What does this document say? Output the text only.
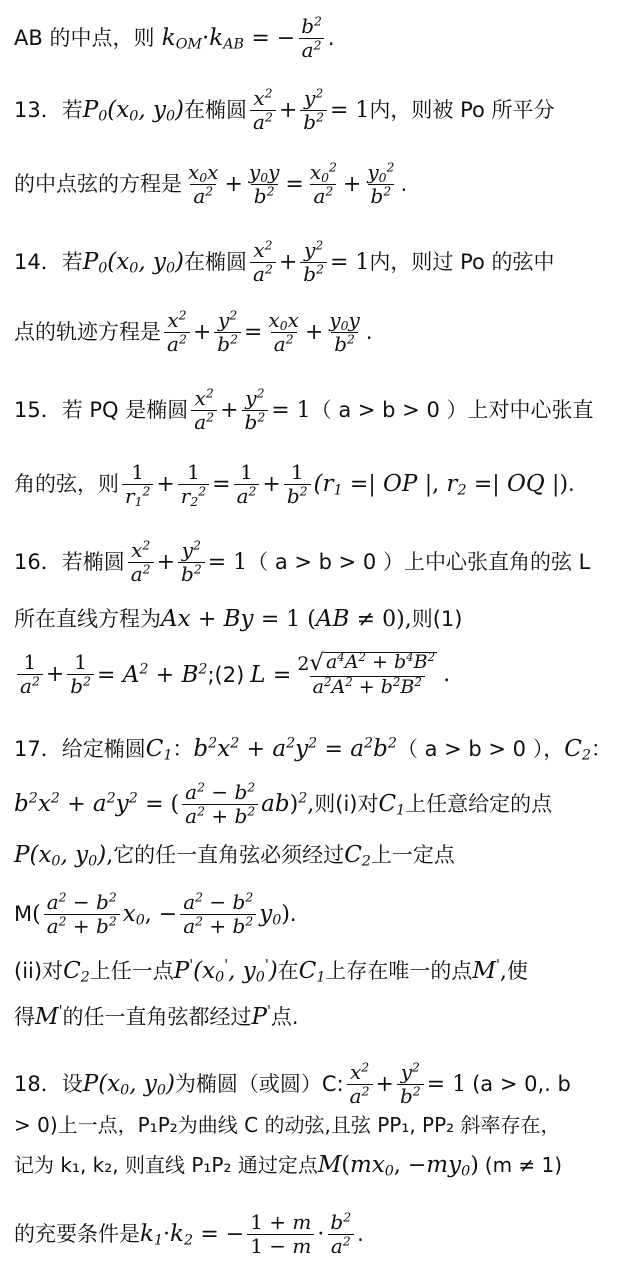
AB 的中点，则 $k_{OM}\cdot k_{AB}$ = − $\frac{b^2}{a^2}$ .
13．若 $P_0(x_0$, $y_0$) 在椭圆 $\frac{x^2}{a^2} + \frac{y^2}{b^2} = 1$ 内，则被 Po 所平分
的中点弦的方程是 $\frac{x_0x}{a^2} + \frac{y_0y}{b^2} = \frac{x_0^2}{a^2} + \frac{y_0^2}{b^2}$ .
14．若 $P_0(x_0$, $y_0$) 在椭圆 $\frac{x^2}{a^2} + \frac{y^2}{b^2} = 1$ 内，则过 Po 的弦中
点的轨迹方程是 $\frac{x^2}{a^2} + \frac{y^2}{b^2} = \frac{x_0x}{a^2} + \frac{y_0y}{b^2}$ .
15．若 PQ 是椭圆 $\frac{x^2}{a^2} + \frac{y^2}{b^2} = 1$ （ a > b > 0 ）上对中心张直
角的弦，则 $\frac{1}{r_1^2} + \frac{1}{r_2^2} = \frac{1}{a^2} + \frac{1}{b^2} (r_1$ =| OP |, $r_2$ =| OQ |) .
16．若椭圆 $\frac{x^2}{a^2} + \frac{y^2}{b^2} = 1$ （ a > b > 0 ）上中心张直角的弦 L
所在直线方程为 Ax + By = 1 (AB ≠ 0), 则(1)
$\frac{1}{a^2} + \frac{1}{b^2} = A^2 + B^2$ ;(2) $L = \frac{2 √ a^4A^2 + b^4B^2}{a^2A^2 + b^2B^2}$ .
17．给定椭圆 $C_1$ ： $b^2x^2 + a^2y^2 = a^2b^2$ （ a > b > 0 ）， $C_2$ ：
$b^2x^2 + a^2y^2$ = ( $\frac{a^2 - b^2}{a^2 + b^2} ab)^2$, 则(i)对 $C_1$ 上任意给定的点
$P(x_0$, $y_0$), 它的任一直角弦必须经过 $C_2$ 上一定点
M ( $\frac{a^2 - b^2}{a^2 + b^2} x_0$, − $\frac{a^2 - b^2}{a^2 + b^2} y_0$) .
(ii)对 $C_2$ 上任一点 $P'(x_0'$, $y_0'$) 在 $C_1$ 上存在唯一的点 M', 使
得 M' 的任一直角弦都经过 P' 点.
18．设 $P(x_0$, $y_0$) 为椭圆（或圆）C: $\frac{x^2}{a^2} + \frac{y^2}{b^2} = 1$ (a > 0,. b
> 0)上一点，P₁P₂为曲线 C 的动弦,且弦 PP₁, PP₂ 斜率存在，
记为 k₁, k₂, 则直线 P₁P₂ 通过定点 $M(mx_0$, $-my_0$) (m ≠ 1)
的充要条件是 $k_1\cdot k_2$ = − $\frac{1 + m}{1 - m} \cdot \frac{b^2}{a^2}$ .
